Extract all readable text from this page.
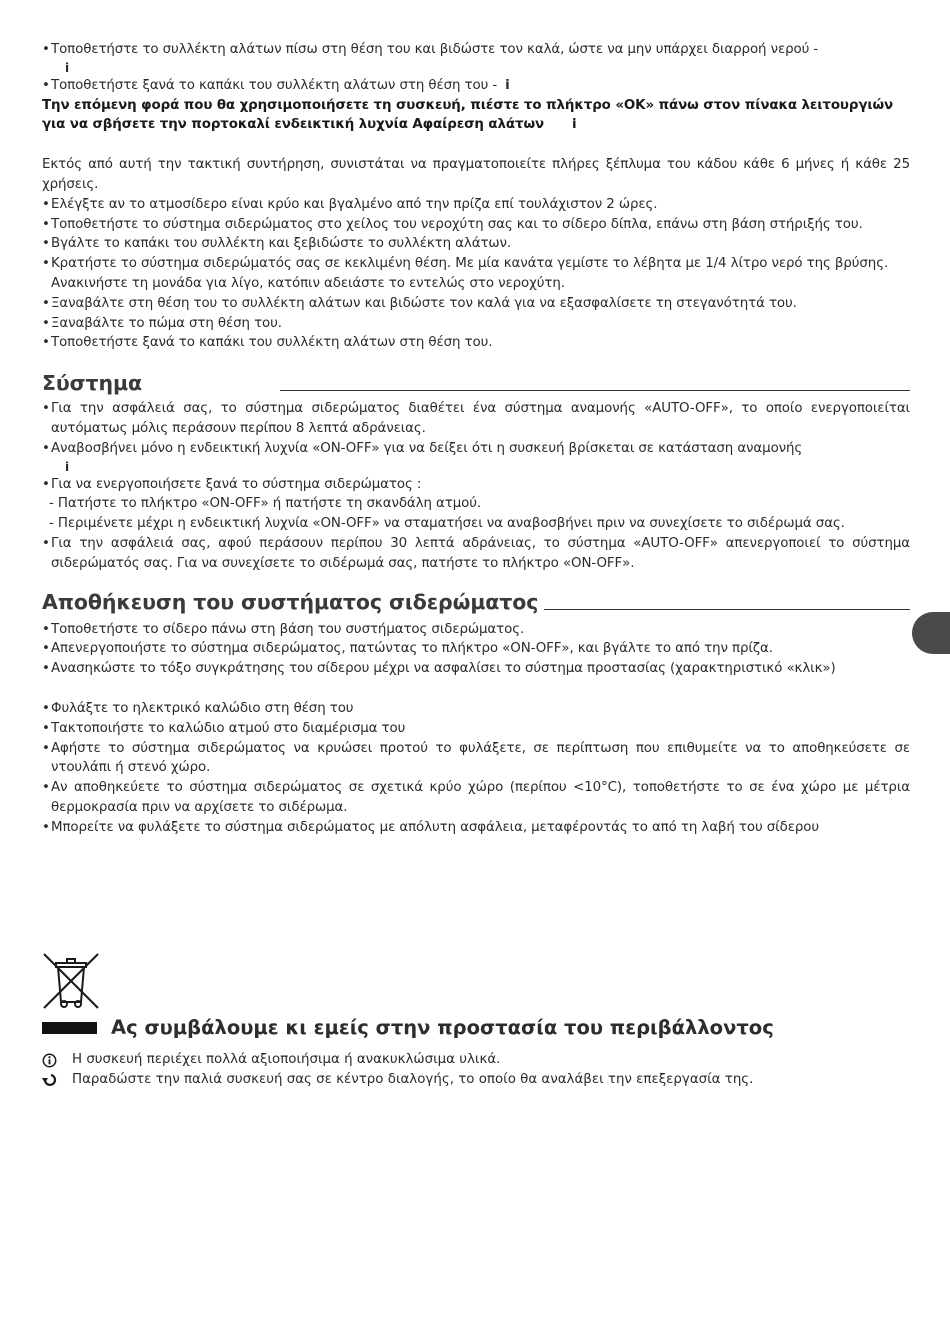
• Τοποθετήστε το συλλέκτη αλάτων πίσω στη θέση του και βιδώστε τον καλά, ώστε να μην υπάρχει διαρροή νερού -
i
• Τοποθετήστε ξανά το καπάκι του συλλέκτη αλάτων στη θέση του - i
Την επόμενη φορά που θα χρησιμοποιήσετε τη συσκευή, πιέστε το πλήκτρο «OK» πάνω στον πίνακα λειτουργιών
για να σβήσετε την πορτοκαλί ενδεικτική λυχνία Αφαίρεση αλάτων i
Εκτός από αυτή την τακτική συντήρηση, συνιστάται να πραγματοποιείτε πλήρες ξέπλυμα του κάδου κάθε 6 μήνες ή κάθε 25 χρήσεις.
• Ελέγξτε αν το ατμοσίδερο είναι κρύο και βγαλμένο από την πρίζα επί τουλάχιστον 2 ώρες.
• Τοποθετήστε το σύστημα σιδερώματος στο χείλος του νεροχύτη σας και το σίδερο δίπλα, επάνω στη βάση στήριξής του.
• Βγάλτε το καπάκι του συλλέκτη και ξεβιδώστε το συλλέκτη αλάτων.
• Κρατήστε το σύστημα σιδερώματός σας σε κεκλιμένη θέση. Με μία κανάτα γεμίστε το λέβητα με 1/4 λίτρο νερό της βρύσης.
Ανακινήστε τη μονάδα για λίγο, κατόπιν αδειάστε το εντελώς στο νεροχύτη.
• Ξαναβάλτε στη θέση του το συλλέκτη αλάτων και βιδώστε τον καλά για να εξασφαλίσετε τη στεγανότητά του.
• Ξαναβάλτε το πώμα στη θέση του.
• Τοποθετήστε ξανά το καπάκι του συλλέκτη αλάτων στη θέση του.
Σύστημα
• Για την ασφάλειά σας, το σύστημα σιδερώματος διαθέτει ένα σύστημα αναμονής «AUTO-OFF», το οποίο ενεργοποιείται αυτόματως μόλις περάσουν περίπου 8 λεπτά αδράνειας.
• Αναβοσβήνει μόνο η ενδεικτική λυχνία «ON-OFF» για να δείξει ότι η συσκευή βρίσκεται σε κατάσταση αναμονής
i
• Για να ενεργοποιήσετε ξανά το σύστημα σιδερώματος :
- Πατήστε το πλήκτρο «ON-OFF» ή πατήστε τη σκανδάλη ατμού.
- Περιμένετε μέχρι η ενδεικτική λυχνία «ON-OFF» να σταματήσει να αναβοσβήνει πριν να συνεχίσετε το σιδέρωμά σας.
• Για την ασφάλειά σας, αφού περάσουν περίπου 30 λεπτά αδράνειας, το σύστημα «AUTO-OFF» απενεργοποιεί το σύστημα σιδερώματός σας. Για να συνεχίσετε το σιδέρωμά σας, πατήστε το πλήκτρο «ON-OFF».
Αποθήκευση του συστήματος σιδερώματος
• Τοποθετήστε το σίδερο πάνω στη βάση του συστήματος σιδερώματος.
• Απενεργοποιήστε το σύστημα σιδερώματος, πατώντας το πλήκτρο «ON-OFF», και βγάλτε το από την πρίζα.
• Ανασηκώστε το τόξο συγκράτησης του σίδερου μέχρι να ασφαλίσει το σύστημα προστασίας (χαρακτηριστικό «κλικ»)
• Φυλάξτε το ηλεκτρικό καλώδιο στη θέση του
• Τακτοποιήστε το καλώδιο ατμού στο διαμέρισμα του
• Αφήστε το σύστημα σιδερώματος να κρυώσει προτού το φυλάξετε, σε περίπτωση που επιθυμείτε να το αποθηκεύσετε σε ντουλάπι ή στενό χώρο.
• Αν αποθηκεύετε το σύστημα σιδερώματος σε σχετικά κρύο χώρο (περίπου <10°C), τοποθετήστε το σε ένα χώρο με μέτρια θερμοκρασία πριν να αρχίσετε το σιδέρωμα.
• Μπορείτε να φυλάξετε το σύστημα σιδερώματος με απόλυτη ασφάλεια, μεταφέροντάς το από τη λαβή του σίδερου
Ας συμβάλουμε κι εμείς στην προστασία του περιβάλλοντος
Η συσκευή περιέχει πολλά αξιοποιήσιμα ή ανακυκλώσιμα υλικά.
Παραδώστε την παλιά συσκευή σας σε κέντρο διαλογής, το οποίο θα αναλάβει την επεξεργασία της.
